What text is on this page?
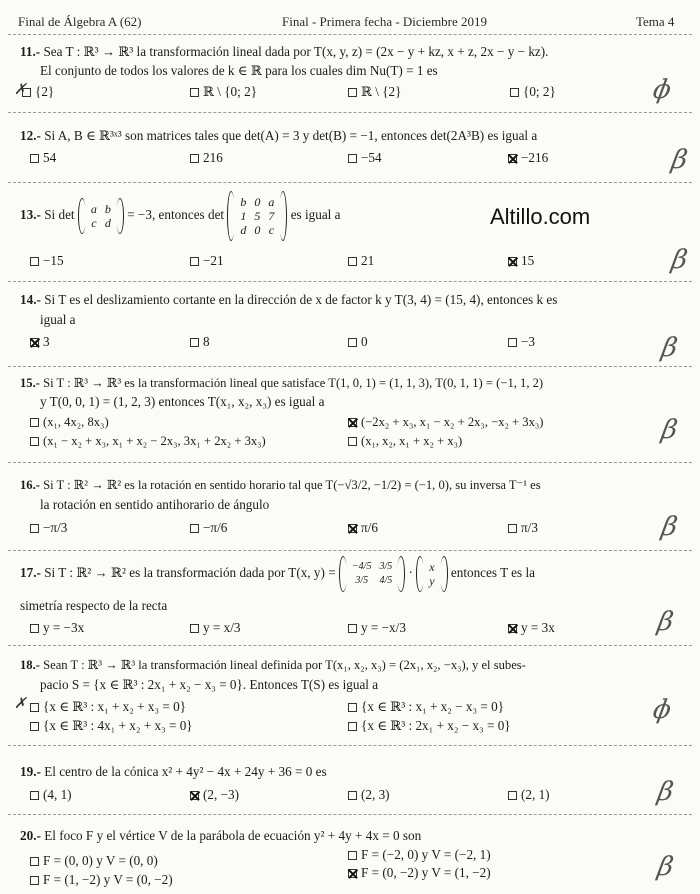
Final de Álgebra A (62)	Final - Primera fecha - Diciembre 2019	Tema 4
Altillo.com
11.- Sea T : ℝ³ → ℝ³ la transformación lineal dada por T(x, y, z) = (2x − y + kz, x + z, 2x − y − kz).
El conjunto de todos los valores de k ∈ ℝ para los cuales dim Nu(T) = 1 es
{2}	ℝ \ {0; 2}	ℝ \ {2}	{0; 2}
✗	ɸ
12.- Si A, B ∈ ℝ³ˣ³ son matrices tales que det(A) = 3 y det(B) = −1, entonces det(2A³B) es igual a
54	216	−54	−216	β
13.- Si det a	b
c	d
= −3, entonces det
b	0	a
1	5	7
d	0	c
es igual a
−15	−21	21	15	β
14.- Si T es el deslizamiento cortante en la dirección de x de factor k y T(3, 4) = (15, 4), entonces k es
igual a
3	8	0	−3	β
15.- Si T : ℝ³ → ℝ³ es la transformación lineal que satisface T(1, 0, 1) = (1, 1, 3), T(0, 1, 1) = (−1, 1, 2)
y T(0, 0, 1) = (1, 2, 3) entonces T(x₁, x₂, x₃) es igual a
(x₁, 4x₂, 8x₃)	(−2x₂ + x₃, x₁ − x₂ + 2x₃, −x₂ + 3x₃)
(x₁ − x₂ + x₃, x₁ + x₂ − 2x₃, 3x₁ + 2x₂ + 3x₃)	(x₁, x₂, x₁ + x₂ + x₃)	β
16.- Si T : ℝ² → ℝ² es la rotación en sentido horario tal que T(−√3/2, −1/2) = (−1, 0), su inversa T⁻¹ es
la rotación en sentido antihorario de ángulo
−π/3	−π/6	π/6	π/3	β
17.- Si T : ℝ² → ℝ² es la transformación dada por T(x, y) = −4/5	3/5
3/5	4/5
· x
y
entonces T es la
simetría respecto de la recta
y = −3x	y = x/3	y = −x/3	y = 3x	β
18.- Sean T : ℝ³ → ℝ³ la transformación lineal definida por T(x₁, x₂, x₃) = (2x₁, x₂, −x₃), y el subes-
pacio S = {x ∈ ℝ³ : 2x₁ + x₂ − x₃ = 0}. Entonces T(S) es igual a
{x ∈ ℝ³ : x₁ + x₂ + x₃ = 0}	{x ∈ ℝ³ : x₁ + x₂ − x₃ = 0}
{x ∈ ℝ³ : 4x₁ + x₂ + x₃ = 0}	{x ∈ ℝ³ : 2x₁ + x₂ − x₃ = 0}
✗	ɸ
19.- El centro de la cónica x² + 4y² − 4x + 24y + 36 = 0 es
(4, 1)	(2, −3)	(2, 3)	(2, 1)	β
20.- El foco F y el vértice V de la parábola de ecuación y² + 4y + 4x = 0 son
F = (0, 0) y V = (0, 0)	F = (−2, 0) y V = (−2, 1)
F = (1, −2) y V = (0, −2)	F = (0, −2) y V = (1, −2)	β
